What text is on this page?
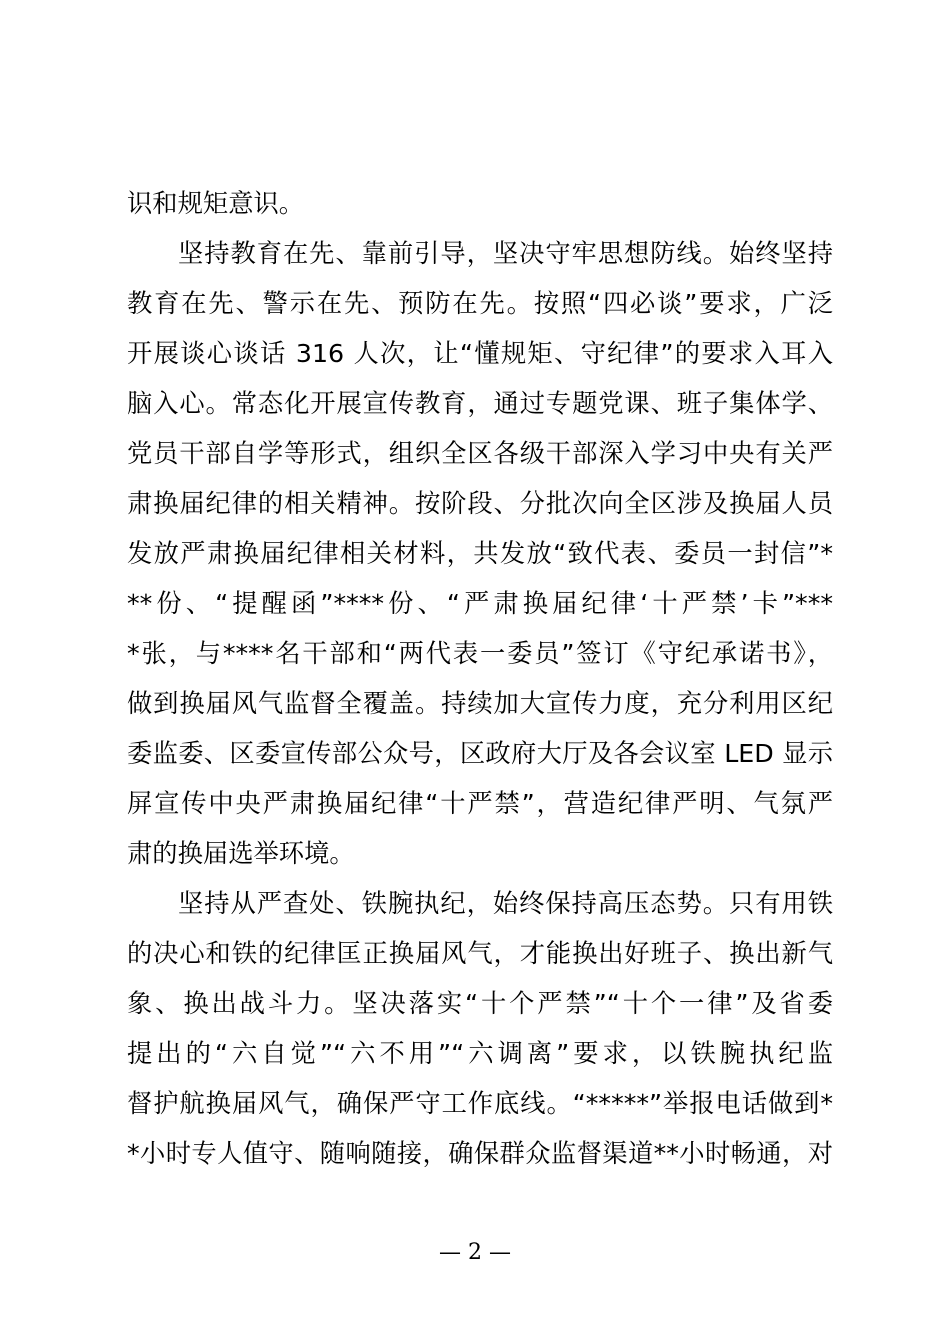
识和规矩意识。
坚持教育在先、靠前引导，坚决守牢思想防线。始终坚持
教育在先、警示在先、预防在先。按照“四必谈”要求，广泛
开展谈心谈话 316 人次，让“懂规矩、守纪律”的要求入耳入
脑入心。常态化开展宣传教育，通过专题党课、班子集体学、
党员干部自学等形式，组织全区各级干部深入学习中央有关严
肃换届纪律的相关精神。按阶段、分批次向全区涉及换届人员
发放严肃换届纪律相关材料，共发放“致代表、委员一封信”*
**份、“提醒函”****份、“严肃换届纪律‘十严禁’卡”***
*张，与****名干部和“两代表一委员”签订《守纪承诺书》，
做到换届风气监督全覆盖。持续加大宣传力度，充分利用区纪
委监委、区委宣传部公众号，区政府大厅及各会议室 LED 显示
屏宣传中央严肃换届纪律“十严禁”，营造纪律严明、气氛严
肃的换届选举环境。
坚持从严查处、铁腕执纪，始终保持高压态势。只有用铁
的决心和铁的纪律匡正换届风气，才能换出好班子、换出新气
象、换出战斗力。坚决落实“十个严禁”“十个一律”及省委
提出的“六自觉”“六不用”“六调离”要求，以铁腕执纪监
督护航换届风气，确保严守工作底线。“*****”举报电话做到*
*小时专人值守、随响随接，确保群众监督渠道**小时畅通，对
— 2 —
